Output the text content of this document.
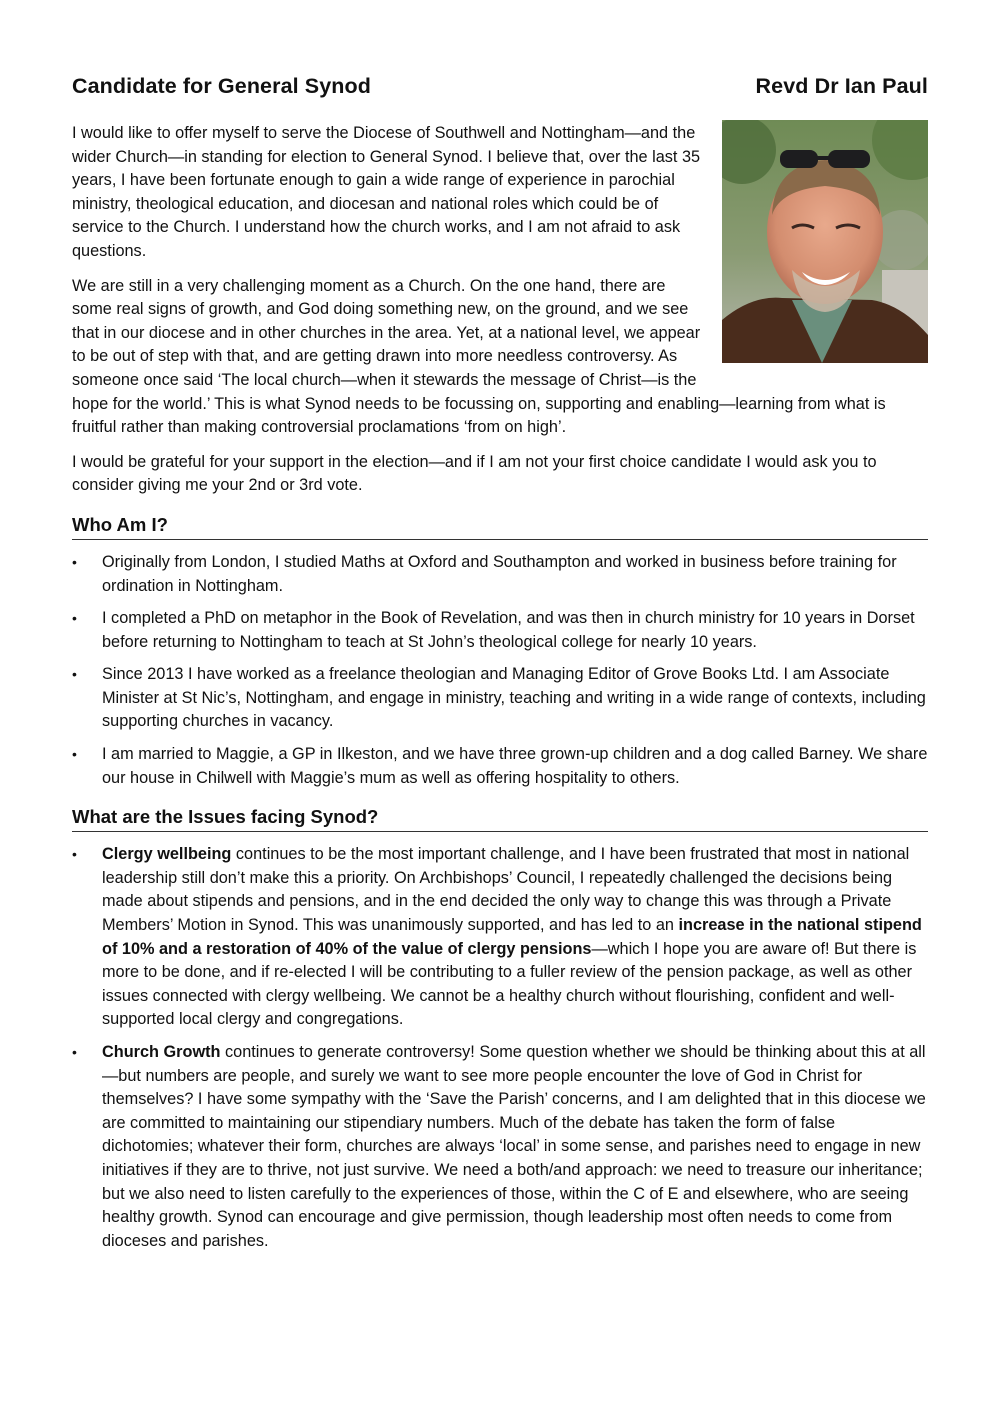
Candidate for General Synod	Revd Dr Ian Paul

I would like to offer myself to serve the Diocese of Southwell and Nottingham—and the wider Church—in standing for election to General Synod. I believe that, over the last 35 years, I have been fortunate enough to gain a wide range of experience in parochial ministry, theological education, and diocesan and national roles which could be of service to the Church. I understand how the church works, and I am not afraid to ask questions.

We are still in a very challenging moment as a Church. On the one hand, there are some real signs of growth, and God doing something new, on the ground, and we see that in our diocese and in other churches in the area. Yet, at a national level, we appear to be out of step with that, and are getting drawn into more needless controversy. As someone once said ‘The local church—when it stewards the message of Christ—is the hope for the world.’ This is what Synod needs to be focussing on, supporting and enabling—learning from what is fruitful rather than making controversial proclamations ‘from on high’.

I would be grateful for your support in the election—and if I am not your first choice candidate I would ask you to consider giving me your 2nd or 3rd vote.

Who Am I?
• Originally from London, I studied Maths at Oxford and Southampton and worked in business before training for ordination in Nottingham.
• I completed a PhD on metaphor in the Book of Revelation, and was then in church ministry for 10 years in Dorset before returning to Nottingham to teach at St John’s theological college for nearly 10 years.
• Since 2013 I have worked as a freelance theologian and Managing Editor of Grove Books Ltd. I am Associate Minister at St Nic’s, Nottingham, and engage in ministry, teaching and writing in a wide range of contexts, including supporting churches in vacancy.
• I am married to Maggie, a GP in Ilkeston, and we have three grown-up children and a dog called Barney. We share our house in Chilwell with Maggie’s mum as well as offering hospitality to others.
What are the Issues facing Synod?
• Clergy wellbeing continues to be the most important challenge, and I have been frustrated that most in national leadership still don’t make this a priority. On Archbishops’ Council, I repeatedly challenged the decisions being made about stipends and pensions, and in the end decided the only way to change this was through a Private Members’ Motion in Synod. This was unanimously supported, and has led to an increase in the national stipend of 10% and a restoration of 40% of the value of clergy pensions—which I hope you are aware of! But there is more to be done, and if re-elected I will be contributing to a fuller review of the pension package, as well as other issues connected with clergy wellbeing. We cannot be a healthy church without flourishing, confident and well-supported local clergy and congregations.
• Church Growth continues to generate controversy! Some question whether we should be thinking about this at all—but numbers are people, and surely we want to see more people encounter the love of God in Christ for themselves? I have some sympathy with the ‘Save the Parish’ concerns, and I am delighted that in this diocese we are committed to maintaining our stipendiary numbers. Much of the debate has taken the form of false dichotomies; whatever their form, churches are always ‘local’ in some sense, and parishes need to engage in new initiatives if they are to thrive, not just survive. We need a both/and approach: we need to treasure our inheritance; but we also need to listen carefully to the experiences of those, within the C of E and elsewhere, who are seeing healthy growth. Synod can encourage and give permission, though leadership most often needs to come from dioceses and parishes.
